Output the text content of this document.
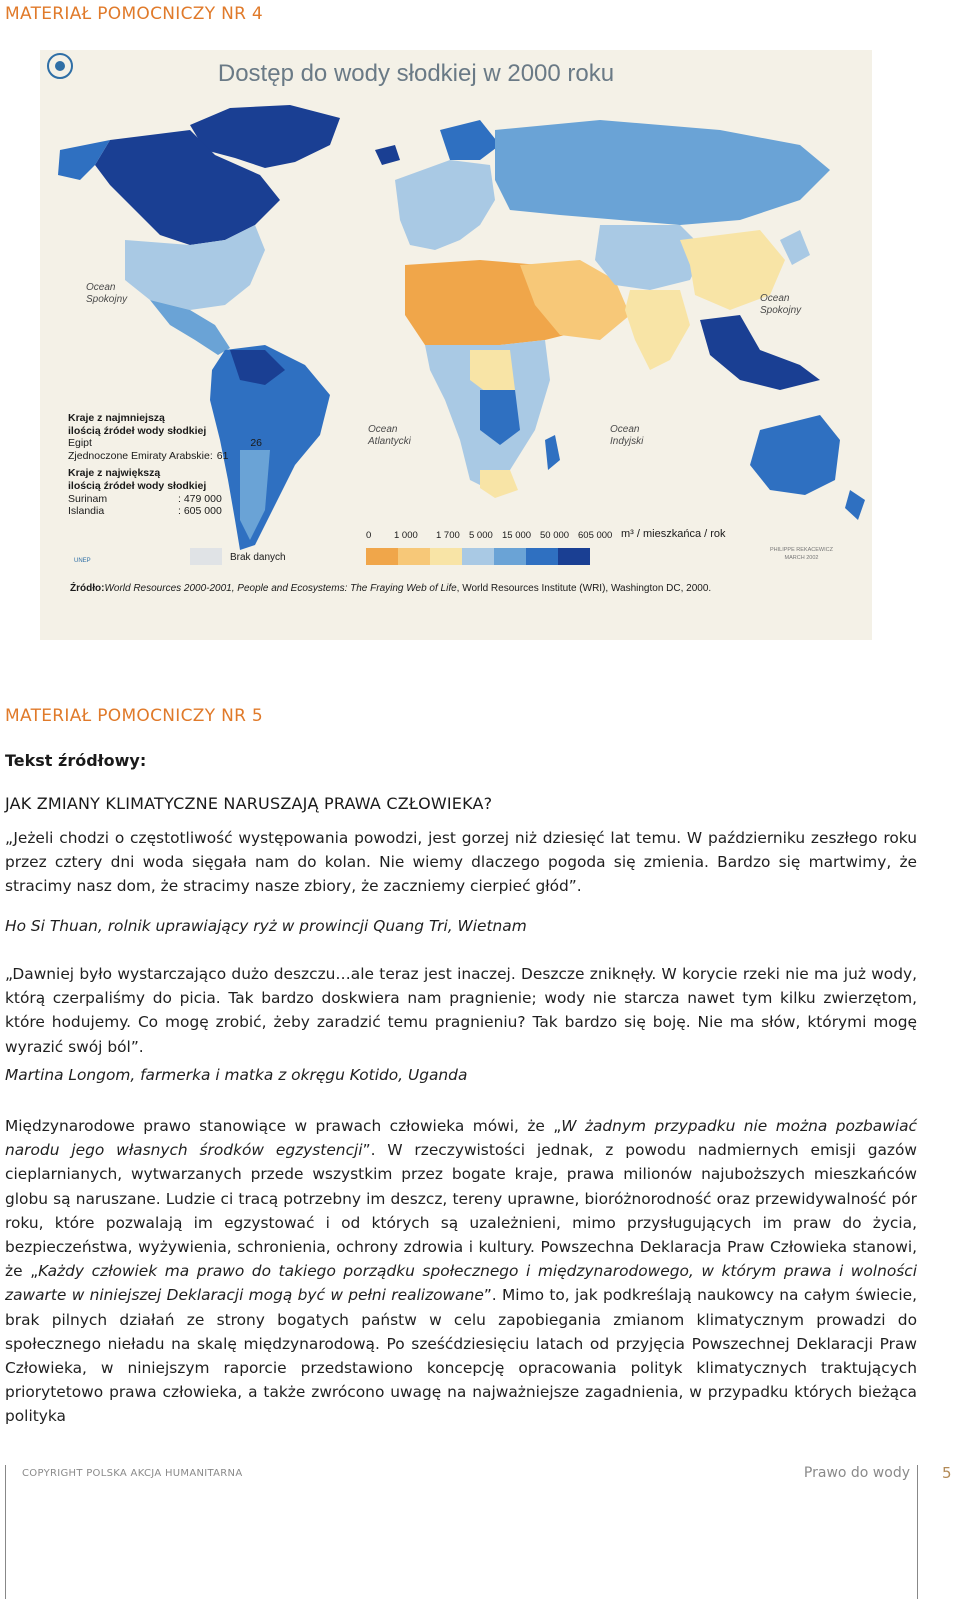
MATERIAŁ POMOCNICZY NR 4
Dostęp do wody słodkiej w 2000 roku
Ocean
Spokojny	Ocean
Spokojny
Ocean
Atlantycki
Ocean
Indyjski
Kraje z najmniejszą
ilością źródeł wody słodkiej
Egipt	26
Zjednoczone Emiraty Arabskie: 61
Kraje z największą
ilością źródeł wody słodkiej
Surinam	: 479 000
Islandia	: 605 000
UNEP	Brak danych
0 1 000 1 700 5 000 15 000 50 000 605 000 m³ / mieszkańca / rok
PHILIPPE REKACEWICZ
MARCH 2002
Źródło:World Resources 2000-2001, People and Ecosystems: The Fraying Web of Life, World Resources Institute (WRI), Washington DC, 2000.
MATERIAŁ POMOCNICZY NR 5
Tekst źródłowy:
JAK ZMIANY KLIMATYCZNE NARUSZAJĄ PRAWA CZŁOWIEKA?

„Jeżeli chodzi o częstotliwość występowania powodzi, jest gorzej niż dziesięć lat temu. W październiku zeszłego roku przez cztery dni woda sięgała nam do kolan. Nie wiemy dlaczego pogoda się zmienia. Bardzo się martwimy, że stracimy nasz dom, że stracimy nasze zbiory, że zaczniemy cierpieć głód”.

Ho Si Thuan, rolnik uprawiający ryż w prowincji Quang Tri, Wietnam

„Dawniej było wystarczająco dużo deszczu…ale teraz jest inaczej. Deszcze zniknęły. W korycie rzeki nie ma już wody, którą czerpaliśmy do picia. Tak bardzo doskwiera nam pragnienie; wody nie starcza nawet tym kilku zwierzętom, które hodujemy. Co mogę zrobić, żeby zaradzić temu pragnieniu? Tak bardzo się boję. Nie ma słów, którymi mogę wyrazić swój ból”.

Martina Longom, farmerka i matka z okręgu Kotido, Uganda

Międzynarodowe prawo stanowiące w prawach człowieka mówi, że „W żadnym przypadku nie można pozbawiać narodu jego własnych środków egzystencji”. W rzeczywistości jednak, z powodu nadmiernych emisji gazów cieplarnianych, wytwarzanych przede wszystkim przez bogate kraje, prawa milionów najuboższych mieszkańców globu są naruszane. Ludzie ci tracą potrzebny im deszcz, tereny uprawne, bioróżnorodność oraz przewidywalność pór roku, które pozwalają im egzystować i od których są uzależnieni, mimo przysługujących im praw do życia, bezpieczeństwa, wyżywienia, schronienia, ochrony zdrowia i kultury. Powszechna Deklaracja Praw Człowieka stanowi, że „Każdy człowiek ma prawo do takiego porządku społecznego i międzynarodowego, w którym prawa i wolności zawarte w niniejszej Deklaracji mogą być w pełni realizowane”. Mimo to, jak podkreślają naukowcy na całym świecie, brak pilnych działań ze strony bogatych państw w celu zapobiegania zmianom klimatycznym prowadzi do społecznego nieładu na skalę międzynarodową. Po sześćdziesięciu latach od przyjęcia Powszechnej Deklaracji Praw Człowieka, w niniejszym raporcie przedstawiono koncepcję opracowania polityk klimatycznych traktujących priorytetowo prawa człowieka, a także zwrócono uwagę na najważniejsze zagadnienia, w przypadku których bieżąca polityka

COPYRIGHT POLSKA AKCJA HUMANITARNA	Prawo do wody 5
